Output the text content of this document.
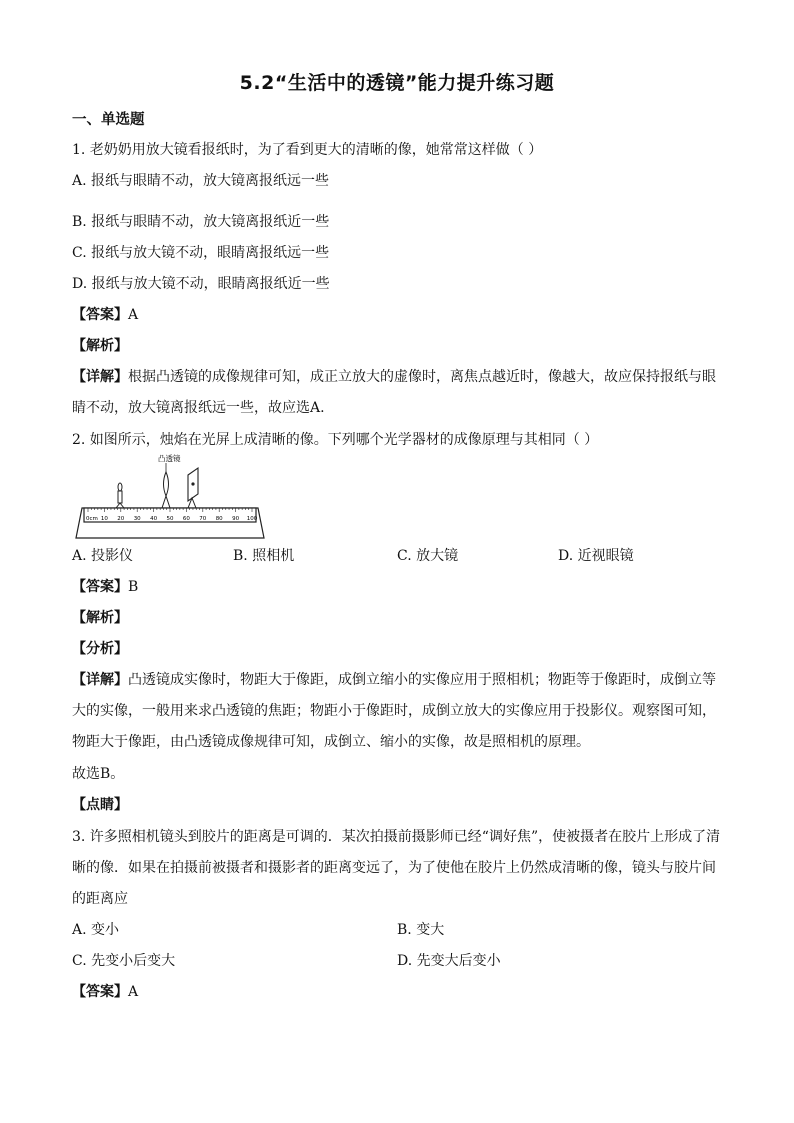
5.2“生活中的透镜”能力提升练习题
一、单选题
1. 老奶奶用放大镜看报纸时，为了看到更大的清晰的像，她常常这样做（ ）
A. 报纸与眼睛不动，放大镜离报纸远一些
B. 报纸与眼睛不动，放大镜离报纸近一些
C. 报纸与放大镜不动，眼睛离报纸远一些
D. 报纸与放大镜不动，眼睛离报纸近一些
【答案】A
【解析】
【详解】根据凸透镜的成像规律可知，成正立放大的虚像时，离焦点越近时，像越大，故应保持报纸与眼睛不动，放大镜离报纸远一些，故应选A.
2. 如图所示，烛焰在光屏上成清晰的像。下列哪个光学器材的成像原理与其相同（ ）
0cm 10 20 30 40 50 60 70 80 90 100
凸透镜
A. 投影仪	B. 照相机	C. 放大镜	D. 近视眼镜
【答案】B
【解析】
【分析】
【详解】凸透镜成实像时，物距大于像距，成倒立缩小的实像应用于照相机；物距等于像距时，成倒立等大的实像，一般用来求凸透镜的焦距；物距小于像距时，成倒立放大的实像应用于投影仪。观察图可知，物距大于像距，由凸透镜成像规律可知，成倒立、缩小的实像，故是照相机的原理。
故选B。
【点睛】
3. 许多照相机镜头到胶片的距离是可调的．某次拍摄前摄影师已经“调好焦”，使被摄者在胶片上形成了清晰的像．如果在拍摄前被摄者和摄影者的距离变远了，为了使他在胶片上仍然成清晰的像，镜头与胶片间的距离应
A. 变小	B. 变大
C. 先变小后变大	D. 先变大后变小
【答案】A
